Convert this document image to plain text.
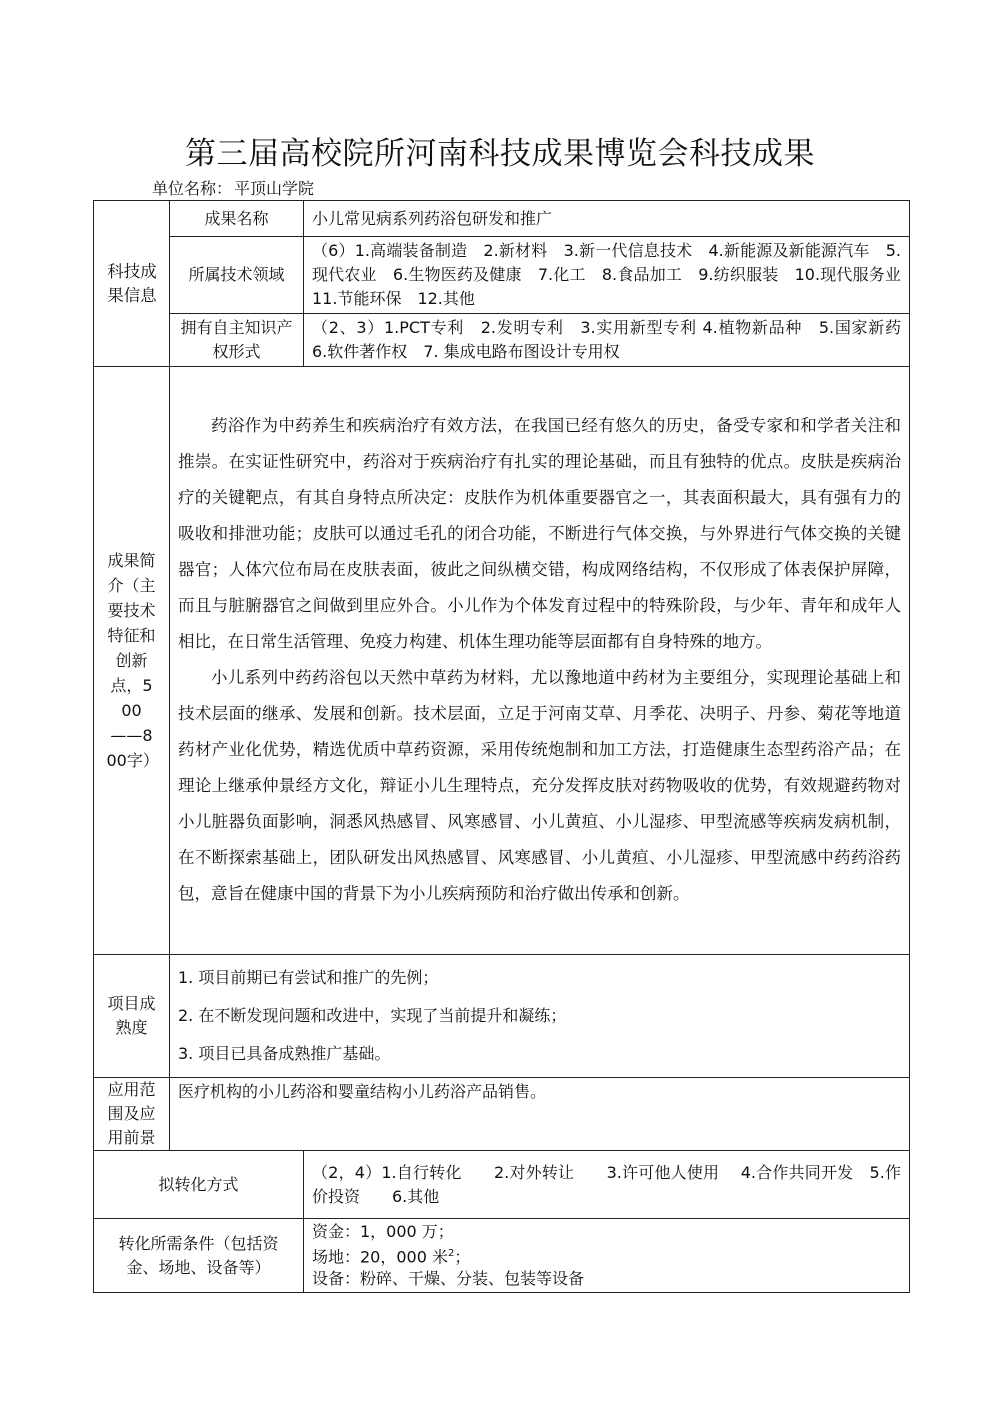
第三届高校院所河南科技成果博览会科技成果
单位名称： 平顶山学院
科技成果信息	成果名称	小儿常见病系列药浴包研发和推广
	所属技术领域	（6）1.高端装备制造　2.新材料　3.新一代信息技术　4.新能源及新能源汽车　5.现代农业　6.生物医药及健康　7.化工　8.食品加工　9.纺织服装　10.现代服务业　11.节能环保　12.其他
	拥有自主知识产权形式	（2、3）1.PCT专利　2.发明专利　3.实用新型专利 4.植物新品种　5.国家新药　6.软件著作权　7. 集成电路布图设计专用权

成果简介（主要技术特征和创新点，500——800字）	药浴作为中药养生和疾病治疗有效方法，在我国已经有悠久的历史，备受专家和和学者关注和推崇。在实证性研究中，药浴对于疾病治疗有扎实的理论基础，而且有独特的优点。皮肤是疾病治疗的关键靶点，有其自身特点所决定：皮肤作为机体重要器官之一，其表面积最大，具有强有力的吸收和排泄功能；皮肤可以通过毛孔的闭合功能，不断进行气体交换，与外界进行气体交换的关键器官；人体穴位布局在皮肤表面，彼此之间纵横交错，构成网络结构，不仅形成了体表保护屏障，而且与脏腑器官之间做到里应外合。小儿作为个体发育过程中的特殊阶段，与少年、青年和成年人相比，在日常生活管理、免疫力构建、机体生理功能等层面都有自身特殊的地方。

小儿系列中药药浴包以天然中草药为材料，尤以豫地道中药材为主要组分，实现理论基础上和技术层面的继承、发展和创新。技术层面，立足于河南艾草、月季花、决明子、丹参、菊花等地道药材产业化优势，精选优质中草药资源，采用传统炮制和加工方法，打造健康生态型药浴产品；在理论上继承仲景经方文化，辩证小儿生理特点，充分发挥皮肤对药物吸收的优势，有效规避药物对小儿脏器负面影响，洞悉风热感冒、风寒感冒、小儿黄疸、小儿湿疹、甲型流感等疾病发病机制，在不断探索基础上，团队研发出风热感冒、风寒感冒、小儿黄疸、小儿湿疹、甲型流感中药药浴药包，意旨在健康中国的背景下为小儿疾病预防和治疗做出传承和创新。	

项目成熟度	1. 项目前期已有尝试和推广的先例；
2. 在不断发现问题和改进中，实现了当前提升和凝练；
3. 项目已具备成熟推广基础。	

应用范围及应用前景	医疗机构的小儿药浴和婴童结构小儿药浴产品销售。	
拟转化方式		（2，4）1.自行转化　　2.对外转让　　3.许可他人使用　 4.合作共同开发　5.作价投资　　6.其他

转化所需条件（包括资金、场地、设备等）		资金：1，000 万；
场地：20，000 米$^2$；
设备：粉碎、干燥、分装、包装等设备
